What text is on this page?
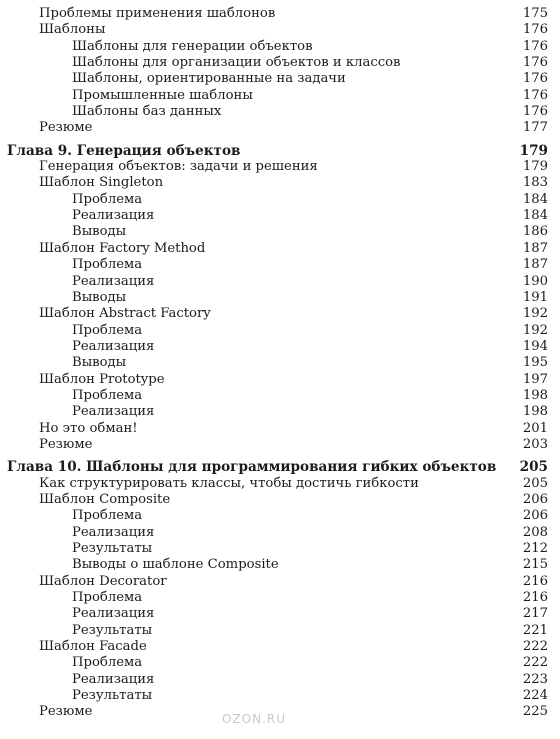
Проблемы применения шаблонов	175
Шаблоны	176
Шаблоны для генерации объектов	176
Шаблоны для организации объектов и классов	176
Шаблоны, ориентированные на задачи	176
Промышленные шаблоны	176
Шаблоны баз данных	176
Резюме	177
Глава 9. Генерация объектов	179
Генерация объектов: задачи и решения	179
Шаблон Singleton	183
Проблема	184
Реализация	184
Выводы	186
Шаблон Factory Method	187
Проблема	187
Реализация	190
Выводы	191
Шаблон Abstract Factory	192
Проблема	192
Реализация	194
Выводы	195
Шаблон Prototype	197
Проблема	198
Реализация	198
Но это обман!	201
Резюме	203
Глава 10. Шаблоны для программирования гибких объектов 205
Как структурировать классы, чтобы достичь гибкости	205
Шаблон Composite	206
Проблема	206
Реализация	208
Результаты	212
Выводы о шаблоне Composite	215
Шаблон Decorator	216
Проблема	216
Реализация	217
Результаты	221
Шаблон Facade	222
Проблема	222
Реализация	223
Результаты	224
Резюме	225
OZON.RU
